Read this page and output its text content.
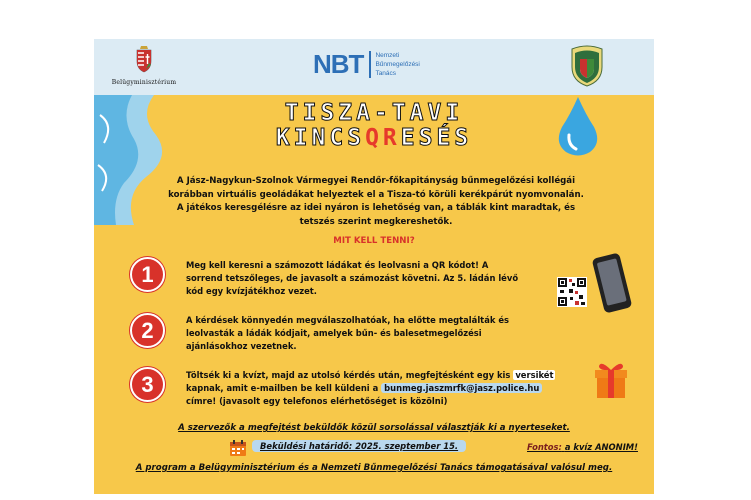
Belügyminisztérium
NBT Nemzeti
Bűnmegelőzési
Tanács
TISZA-TAVI
KINCSQRESÉS
A Jász-Nagykun-Szolnok Vármegyei Rendőr-főkapitányság bűnmegelőzési kollégái
korábban virtuális geoládákat helyeztek el a Tisza-tó körüli kerékpárút nyomvonalán.
A játékos keresgélésre az idei nyáron is lehetőség van, a táblák kint maradtak, és
tetszés szerint megkereshetők.
MIT KELL TENNI?
1	Meg kell keresni a számozott ládákat és leolvasni a QR kódot! A
sorrend tetszőleges, de javasolt a számozást követni. Az 5. ládán lévő
kód egy kvízjátékhoz vezet.
2	A kérdések könnyedén megválaszolhatóak, ha előtte megtalálták és
leolvasták a ládák kódjait, amelyek bűn- és balesetmegelőzési
ajánlásokhoz vezetnek.
3	Töltsék ki a kvízt, majd az utolsó kérdés után, megfejtésként egy kis versikét
kapnak, amit e-mailben be kell küldeni a bunmeg.jaszmrfk@jasz.police.hu
címre! (javasolt egy telefonos elérhetőséget is közölni)
A szervezők a megfejtést beküldők közül sorsolással választják ki a nyerteseket.
Beküldési határidő: 2025. szeptember 15.	Fontos: a kvíz ANONIM!
A program a Belügyminisztérium és a Nemzeti Bűnmegelőzési Tanács támogatásával valósul meg.
